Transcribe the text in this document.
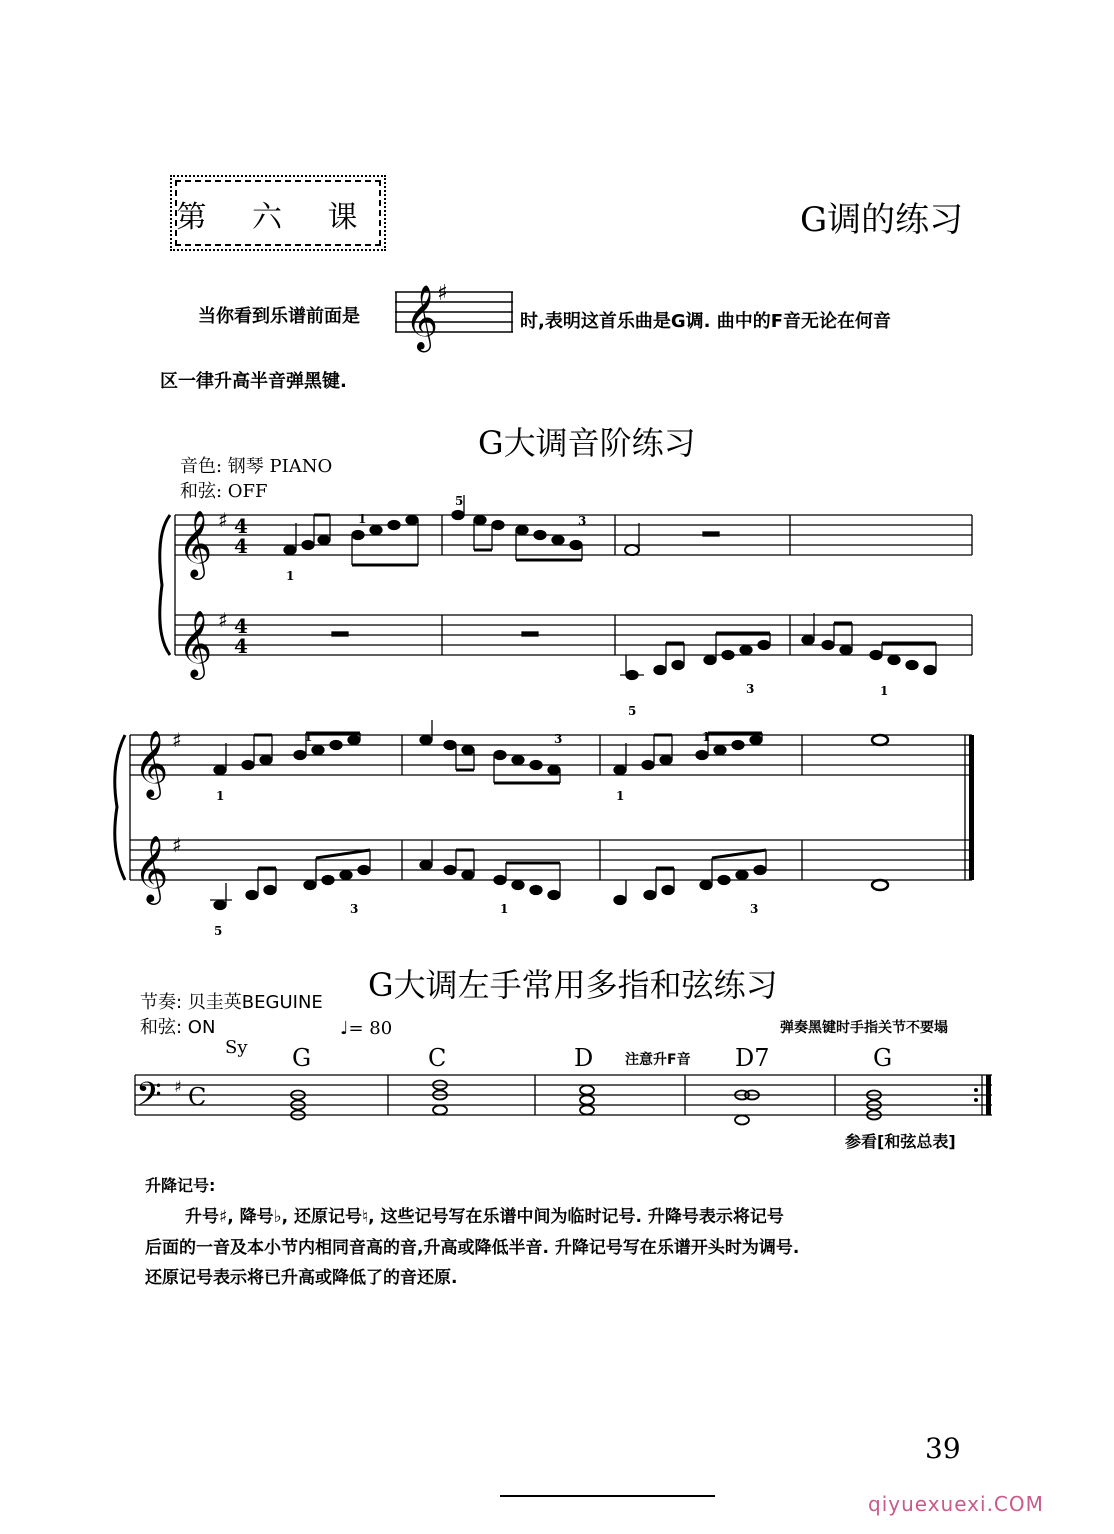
第 六 课	G调的练习
当你看到乐谱前面是 𝄞
♯
时,表明这首乐曲是G调. 曲中的F音无论在何音
区一律升高半音弹黑键.
G大调音阶练习
音色: 钢琴 PIANO
和弦: OFF
𝄞
𝄞
𝄞
𝄞
♯
♯
♯
♯
4
4
4
4
1
1
5
3
5
3	1
1
1	3
1
1
5
3	1	3
G大调左手常用多指和弦练习
节奏: 贝圭英BEGUINE
和弦: ON	♩= 80	弹奏黑键时手指关节不要塌
Sy
注意升F音
G	C	D	D7	G
𝄢 ♯ C
参看[和弦总表]
升降记号:
升号♯, 降号♭, 还原记号♮, 这些记号写在乐谱中间为临时记号. 升降号表示将记号
后面的一音及本小节内相同音高的音,升高或降低半音. 升降记号写在乐谱开头时为调号.
还原记号表示将已升高或降低了的音还原.
39
qiyuexuexi.COM
